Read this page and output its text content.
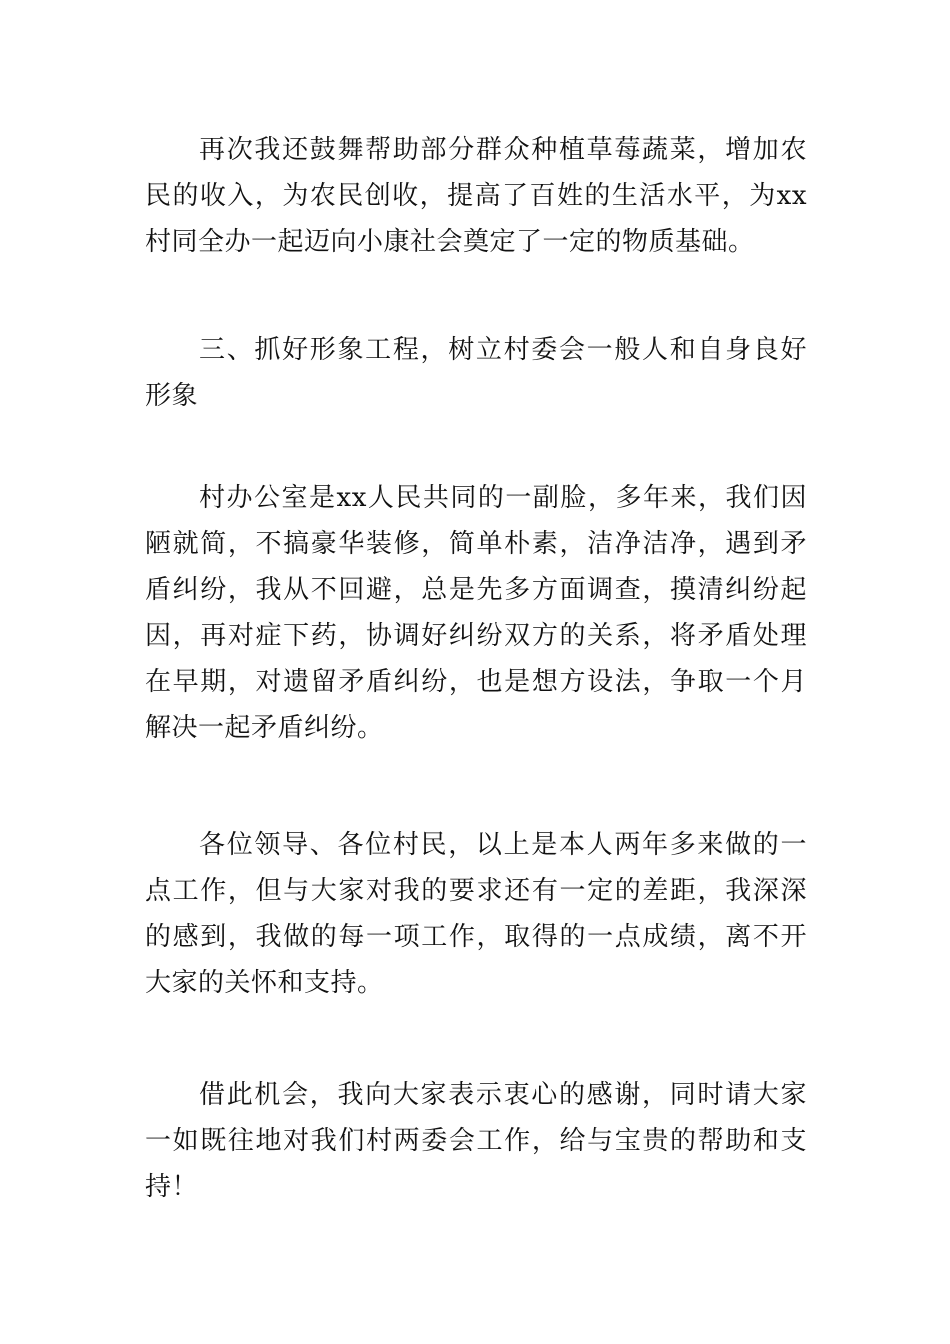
再次我还鼓舞帮助部分群众种植草莓蔬菜，增加农民的收入，为农民创收，提高了百姓的生活水平，为xx村同全办一起迈向小康社会奠定了一定的物质基础。

三、抓好形象工程，树立村委会一般人和自身良好形象

村办公室是xx人民共同的一副脸，多年来，我们因陋就简，不搞豪华装修，简单朴素，洁净洁净，遇到矛盾纠纷，我从不回避，总是先多方面调查，摸清纠纷起因，再对症下药，协调好纠纷双方的关系，将矛盾处理在早期，对遗留矛盾纠纷，也是想方设法，争取一个月解决一起矛盾纠纷。

各位领导、各位村民，以上是本人两年多来做的一点工作，但与大家对我的要求还有一定的差距，我深深的感到，我做的每一项工作，取得的一点成绩，离不开大家的关怀和支持。

借此机会，我向大家表示衷心的感谢，同时请大家一如既往地对我们村两委会工作，给与宝贵的帮助和支持！
